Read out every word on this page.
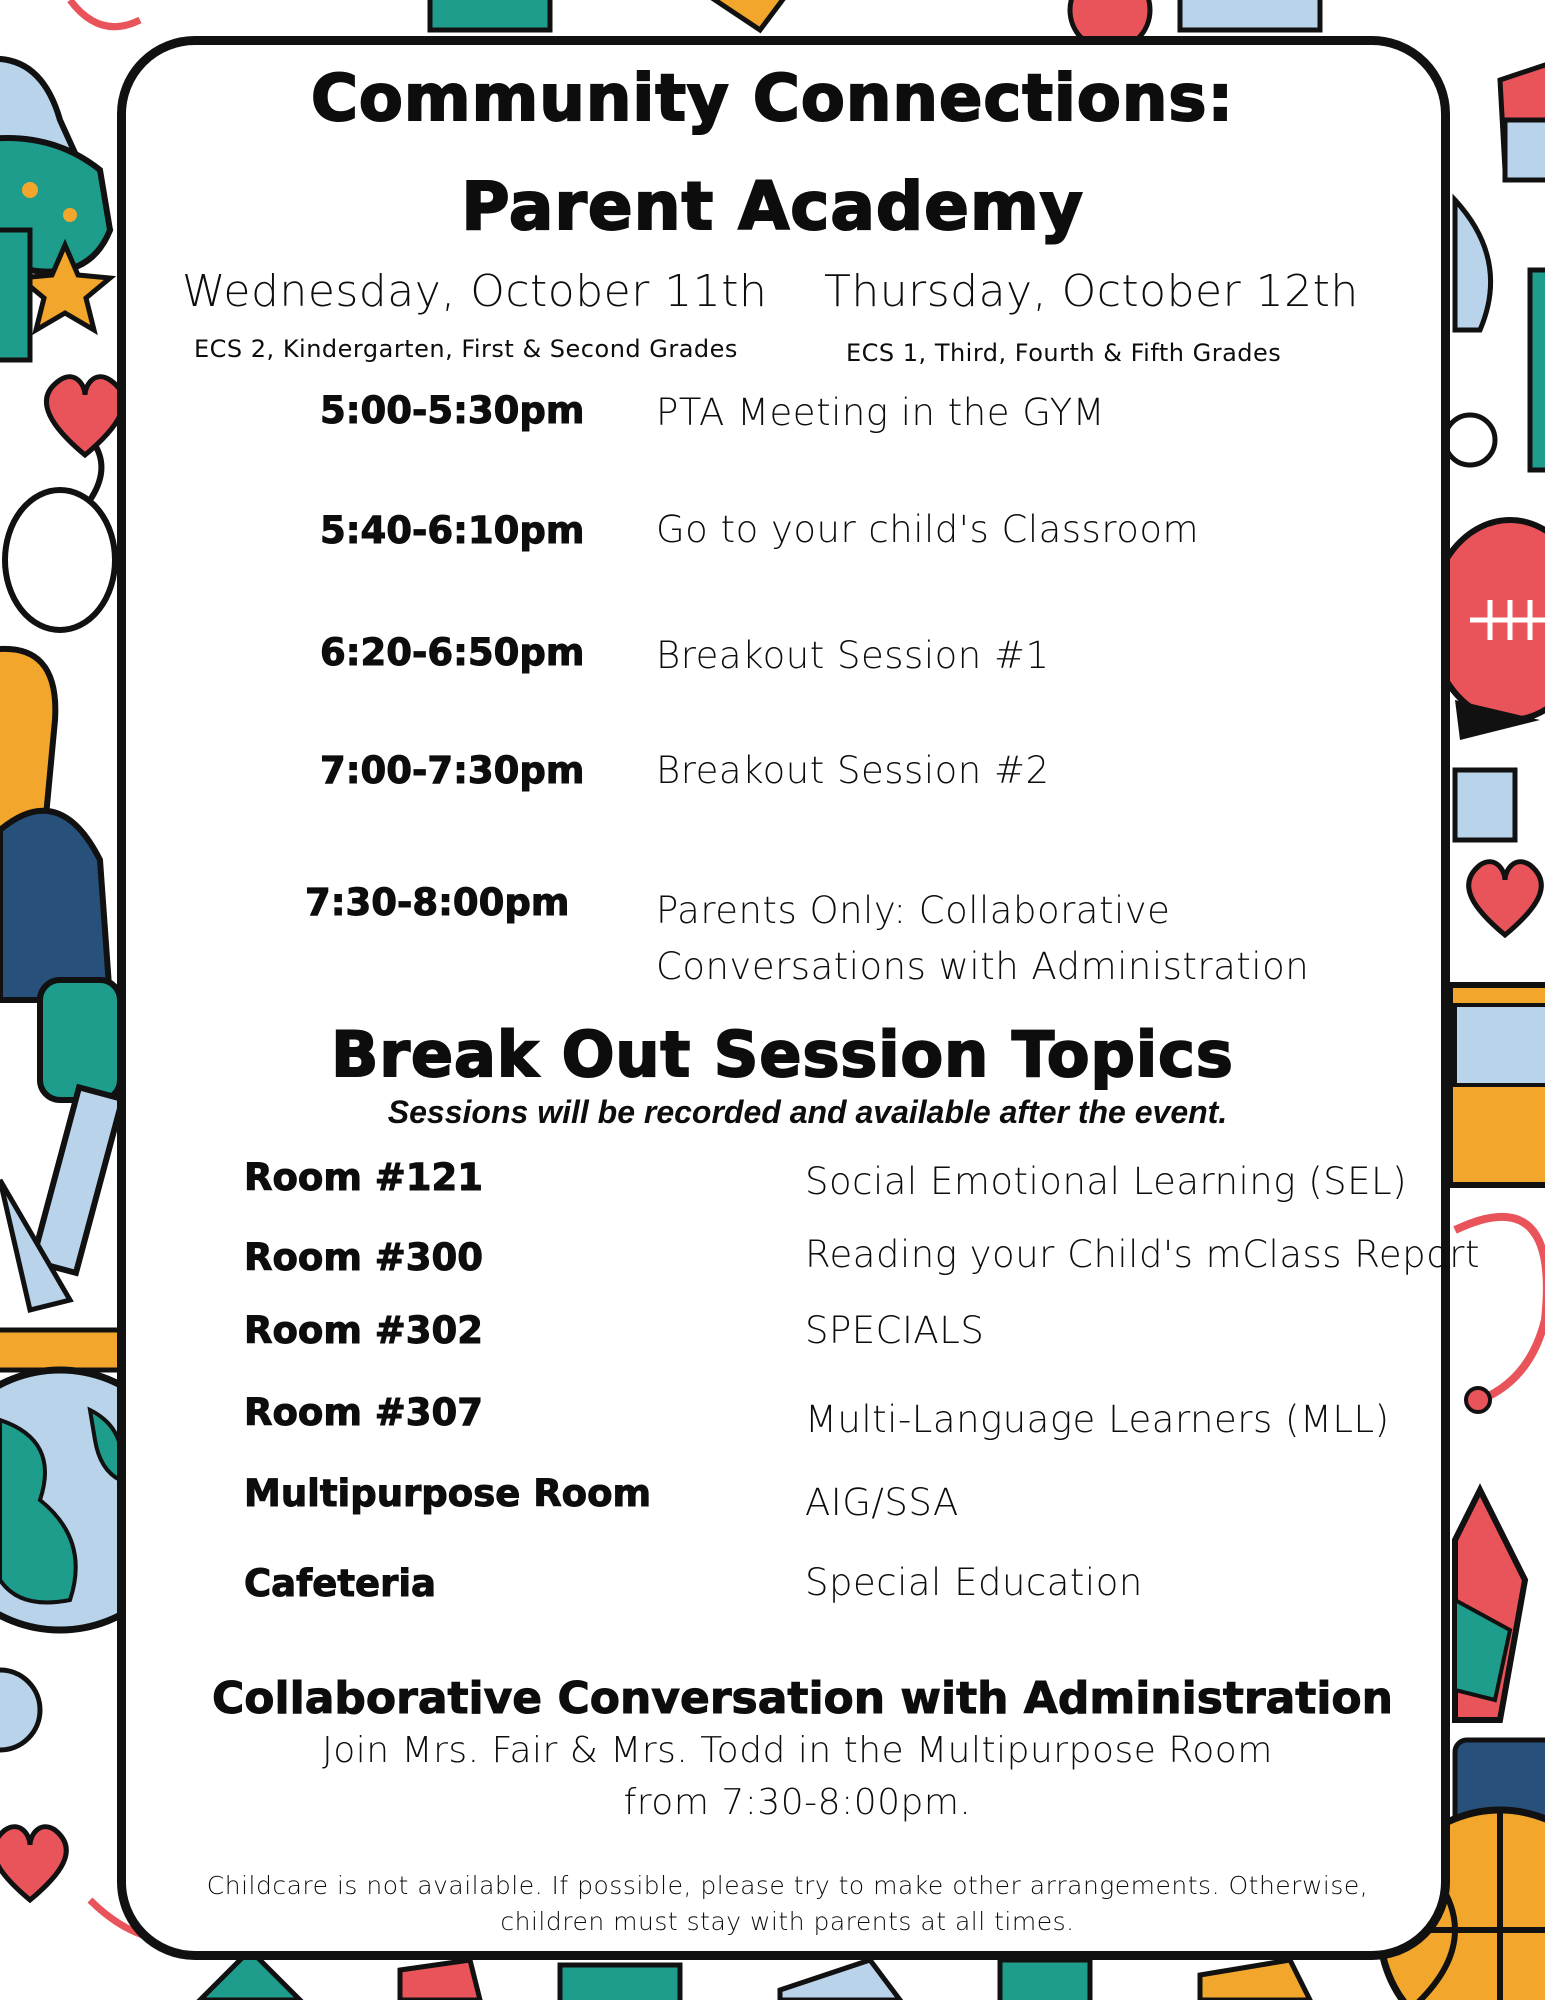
Community Connections:
Parent Academy
Wednesday, October 11th
ECS 2, Kindergarten, First & Second Grades
Thursday, October 12th
ECS 1, Third, Fourth & Fifth Grades
5:00-5:30pm PTA Meeting in the GYM
5:40-6:10pm Go to your child's Classroom
6:20-6:50pm Breakout Session #1
7:00-7:30pm Breakout Session #2
7:30-8:00pm Parents Only: Collaborative
Conversations with Administration
Break Out Session Topics
Sessions will be recorded and available after the event.
Room #121	Social Emotional Learning (SEL)
Room #300	Reading your Child's mClass Report
Room #302	SPECIALS
Room #307	Multi-Language Learners (MLL)
Multipurpose Room	AIG/SSA
Cafeteria	Special Education
Collaborative Conversation with Administration
Join Mrs. Fair & Mrs. Todd in the Multipurpose Room
from 7:30-8:00pm.
Childcare is not available. If possible, please try to make other arrangements. Otherwise,
children must stay with parents at all times.
